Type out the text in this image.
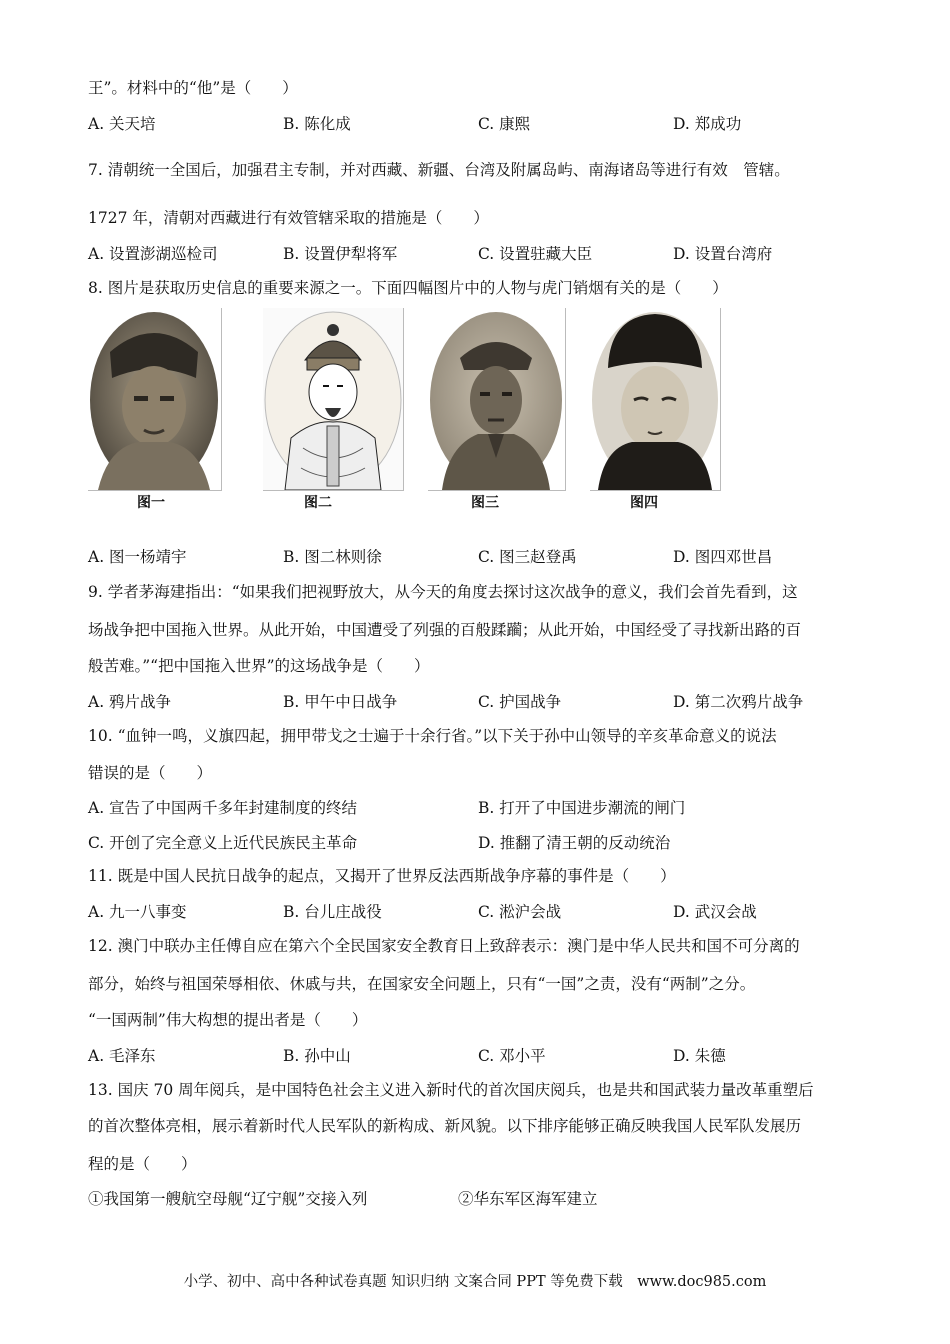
王”。材料中的“他”是（　　）
A. 关天培	B. 陈化成	C. 康熙	D. 郑成功
7. 清朝统一全国后，加强君主专制，并对西藏、新疆、台湾及附属岛屿、南海诸岛等进行有效　管辖。
1727 年，清朝对西藏进行有效管辖采取的措施是（　　）
A. 设置澎湖巡检司	B. 设置伊犁将军	C. 设置驻藏大臣	D. 设置台湾府
8. 图片是获取历史信息的重要来源之一。下面四幅图片中的人物与虎门销烟有关的是（　　）
图一	图二	图三	图四
A. 图一杨靖宇	B. 图二林则徐	C. 图三赵登禹	D. 图四邓世昌
9. 学者茅海建指出：“如果我们把视野放大，从今天的角度去探讨这次战争的意义，我们会首先看到，这
场战争把中国拖入世界。从此开始，中国遭受了列强的百般蹂躏；从此开始，中国经受了寻找新出路的百
般苦难。”“把中国拖入世界”的这场战争是（　　）
A. 鸦片战争	B. 甲午中日战争	C. 护国战争	D. 第二次鸦片战争
10. “血钟一鸣，义旗四起，拥甲带戈之士遍于十余行省。”以下关于孙中山领导的辛亥革命意义的说法
错误的是（　　）
A. 宣告了中国两千多年封建制度的终结	B. 打开了中国进步潮流的闸门
C. 开创了完全意义上近代民族民主革命	D. 推翻了清王朝的反动统治
11. 既是中国人民抗日战争的起点，又揭开了世界反法西斯战争序幕的事件是（　　）
A. 九一八事变	B. 台儿庄战役	C. 淞沪会战	D. 武汉会战
12. 澳门中联办主任傅自应在第六个全民国家安全教育日上致辞表示：澳门是中华人民共和国不可分离的
部分，始终与祖国荣辱相依、休戚与共，在国家安全问题上，只有“一国”之责，没有“两制”之分。
“一国两制”伟大构想的提出者是（　　）
A. 毛泽东	B. 孙中山	C. 邓小平	D. 朱德
13. 国庆 70 周年阅兵，是中国特色社会主义进入新时代的首次国庆阅兵，也是共和国武装力量改革重塑后
的首次整体亮相，展示着新时代人民军队的新构成、新风貌。以下排序能够正确反映我国人民军队发展历
程的是（　　）
①我国第一艘航空母舰“辽宁舰”交接入列	②华东军区海军建立
小学、初中、高中各种试卷真题 知识归纳 文案合同 PPT 等免费下载　www.doc985.com
